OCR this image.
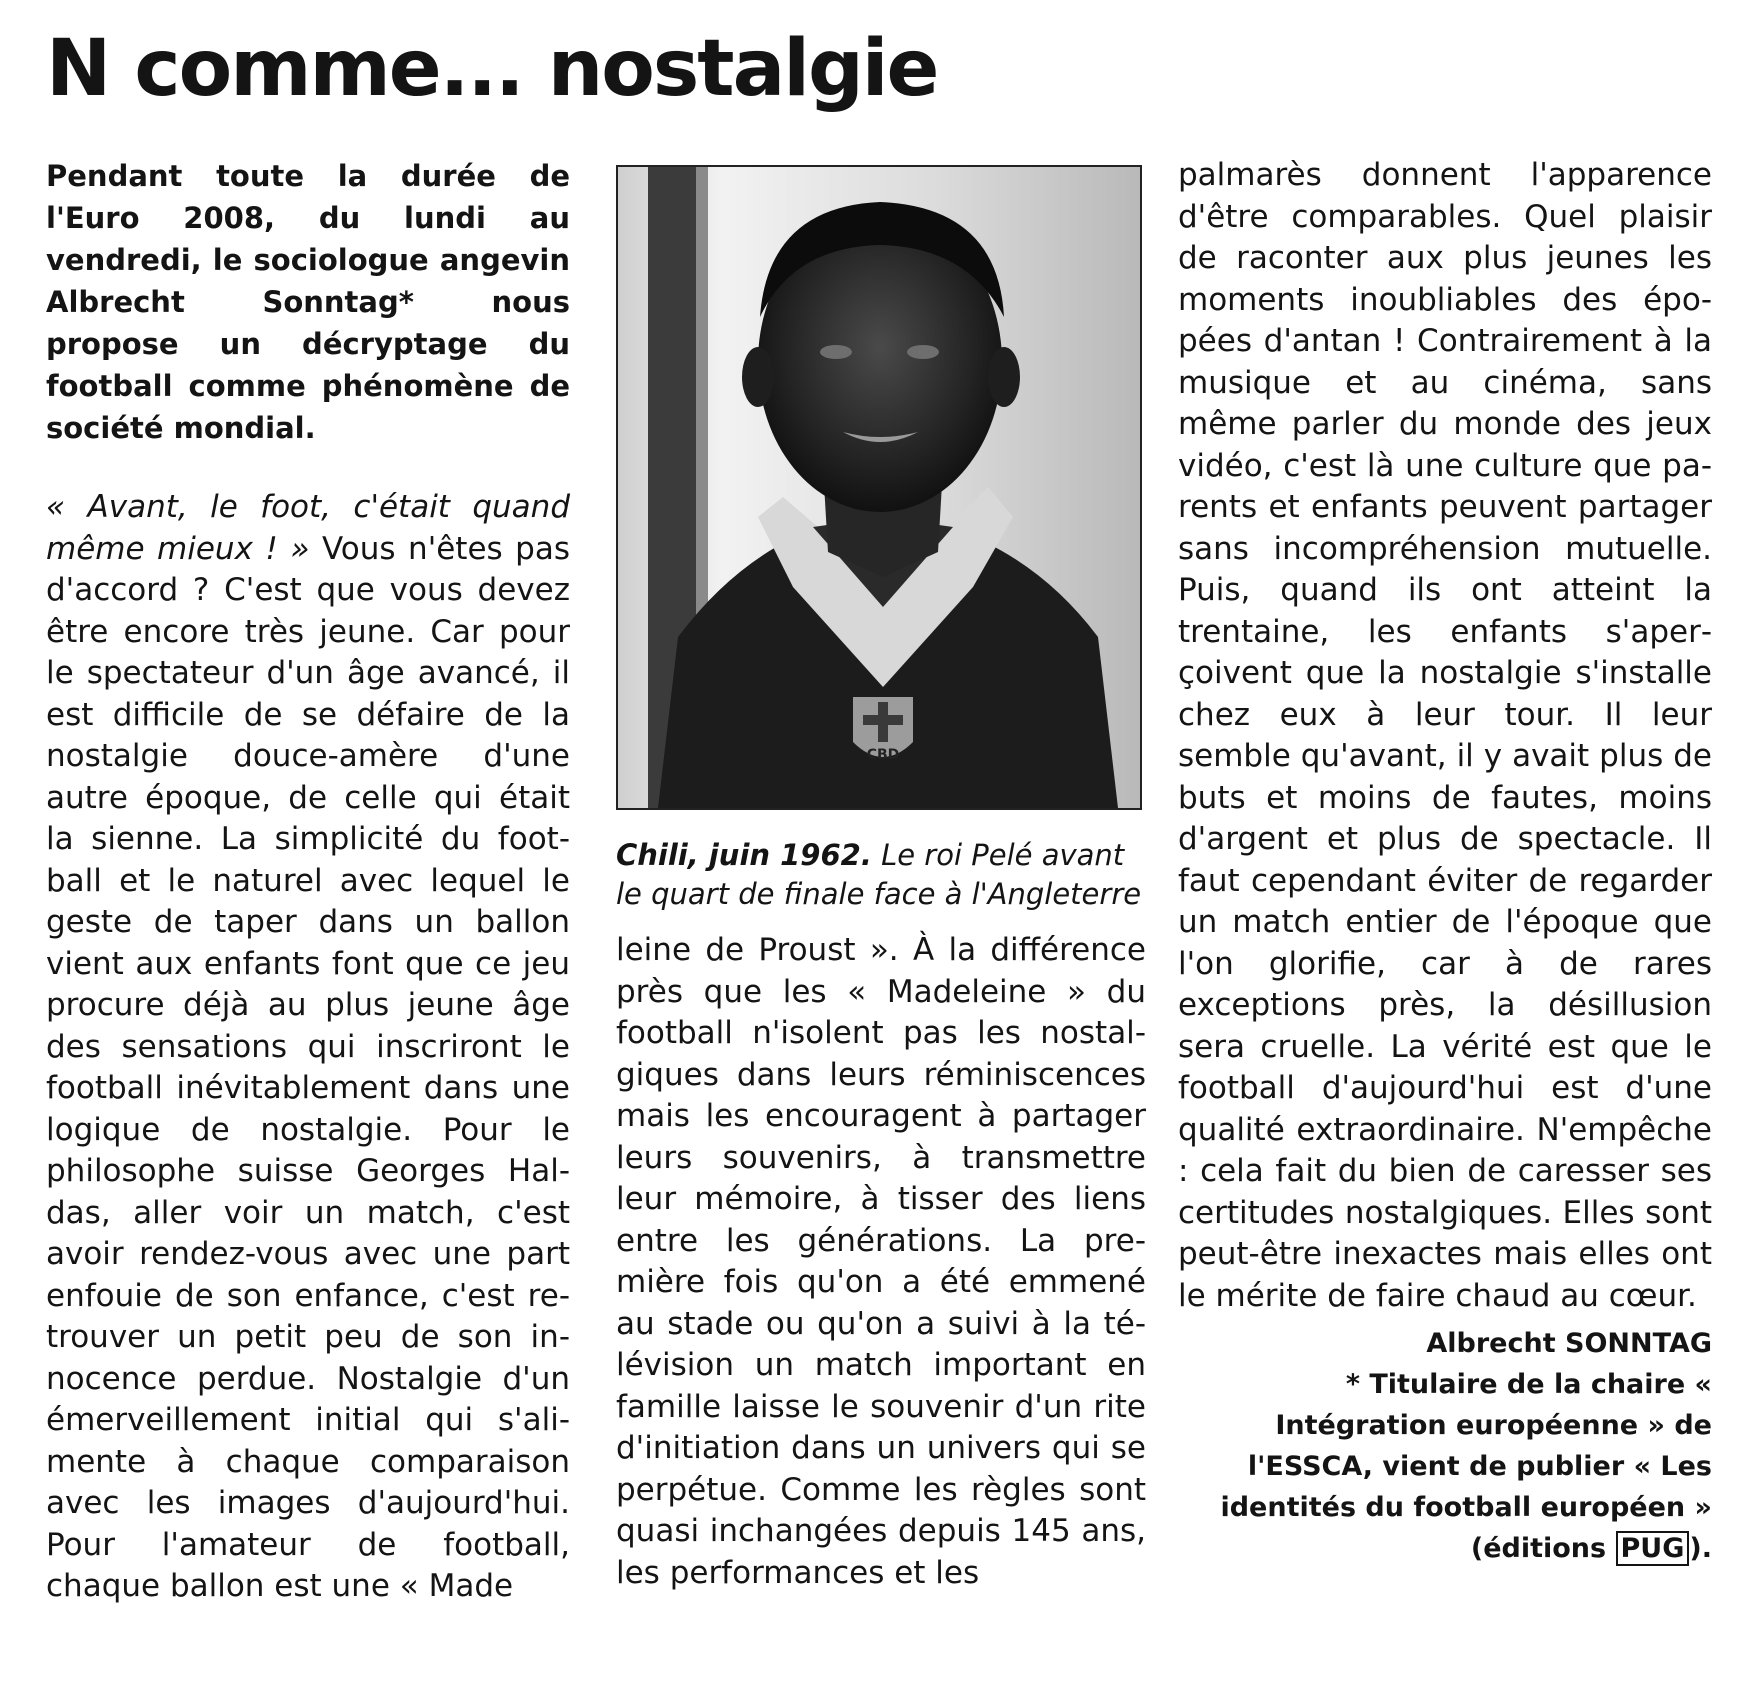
N comme... nostalgie

Pendant toute la durée de l'Euro 2008, du lundi au vendredi, le sociologue angevin Albrecht Sonntag* nous propose un décryptage du football comme phénomène de société mondial.

« Avant, le foot, c'était quand même mieux ! » Vous n'êtes pas d'accord ? C'est que vous devez être encore très jeune. Car pour le spectateur d'un âge avancé, il est difficile de se défaire de la nostalgie douce-amère d'une autre époque, de celle qui était la sienne. La simplicité du football et le naturel avec lequel le geste de taper dans un ballon vient aux enfants font que ce jeu procure déjà au plus jeune âge des sensations qui inscriront le football inévitablement dans une logique de nostalgie. Pour le philosophe suisse Georges Haldas, aller voir un match, c'est avoir rendez-vous avec une part enfouie de son enfance, c'est retrouver un petit peu de son innocence perdue. Nostalgie d'un émerveillement initial qui s'alimente à chaque comparaison avec les images d'aujourd'hui. Pour l'amateur de football, chaque ballon est une « Made

CBD

Chili, juin 1962. Le roi Pelé avant le quart de finale face à l'Angleterre

leine de Proust ». À la différence près que les « Madeleine » du football n'isolent pas les nostalgiques dans leurs réminiscences mais les encouragent à partager leurs souvenirs, à transmettre leur mémoire, à tisser des liens entre les générations. La première fois qu'on a été emmené au stade ou qu'on a suivi à la télévision un match important en famille laisse le souvenir d'un rite d'initiation dans un univers qui se perpétue. Comme les règles sont quasi inchangées depuis 145 ans, les performances et les

palmarès donnent l'apparence d'être comparables. Quel plaisir de raconter aux plus jeunes les moments inoubliables des épopées d'antan ! Contrairement à la musique et au cinéma, sans même parler du monde des jeux vidéo, c'est là une culture que parents et enfants peuvent partager sans incompréhension mutuelle. Puis, quand ils ont atteint la trentaine, les enfants s'aperçoivent que la nostalgie s'installe chez eux à leur tour. Il leur semble qu'avant, il y avait plus de buts et moins de fautes, moins d'argent et plus de spectacle. Il faut cependant éviter de regarder un match entier de l'époque que l'on glorifie, car à de rares exceptions près, la désillusion sera cruelle. La vérité est que le football d'aujourd'hui est d'une qualité extraordinaire. N'empêche : cela fait du bien de caresser ses certitudes nostalgiques. Elles sont peut-être inexactes mais elles ont le mérite de faire chaud au cœur.

Albrecht SONNTAG
* Titulaire de la chaire « Intégration européenne » de l'ESSCA, vient de publier « Les identités du football européen » (éditions PUG ).
